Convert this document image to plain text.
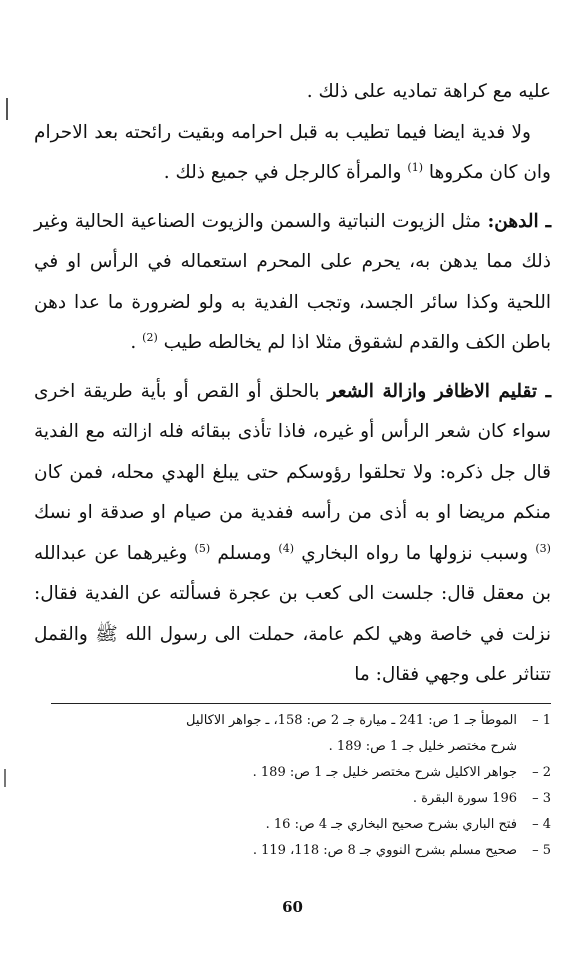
عليه مع كراهة تماديه على ذلك .

ولا فدية ايضا فيما تطيب به قبل احرامه وبقيت رائحته بعد الاحرام وان كان مكروها $^{(1)}$ والمرأة كالرجل في جميع ذلك .

ـ الدهن: مثل الزيوت النباتية والسمن والزيوت الصناعية الحالية وغير ذلك مما يدهن به، يحرم على المحرم استعماله في الرأس او في اللحية وكذا سائر الجسد، وتجب الفدية به ولو لضرورة ما عدا دهن باطن الكف والقدم لشقوق مثلا اذا لم يخالطه طيب $^{(2)}$ .

ـ تقليم الاظافر وازالة الشعر بالحلق أو القص أو بأية طريقة اخرى سواء كان شعر الرأس أو غيره، فاذا تأذى ببقائه فله ازالته مع الفدية قال جل ذكره: ولا تحلقوا رؤوسكم حتى يبلغ الهدي محله، فمن كان منكم مريضا او به أذى من رأسه ففدية من صيام او صدقة او نسك $^{(3)}$ وسبب نزولها ما رواه البخاري $^{(4)}$ ومسلم $^{(5)}$ وغيرهما عن عبدالله بن معقل قال: جلست الى كعب بن عجرة فسألته عن الفدية فقال: نزلت في خاصة وهي لكم عامة، حملت الى رسول الله ﷺ والقمل تتناثر على وجهي فقال: ما

1 –
الموطأ جـ 1 ص: 241 ـ ميارة جـ 2 ص: 158، ـ جواهر الاكاليل
شرح مختصر خليل جـ 1 ص: 189 .
2 –
جواهر الاكليل شرح مختصر خليل جـ 1 ص: 189 .
3 –
196 سورة البقرة .
4 –
فتح الباري بشرح صحيح البخاري جـ 4 ص: 16 .
5 –
صحيح مسلم بشرح النووي جـ 8 ص: 118، 119 .
60
